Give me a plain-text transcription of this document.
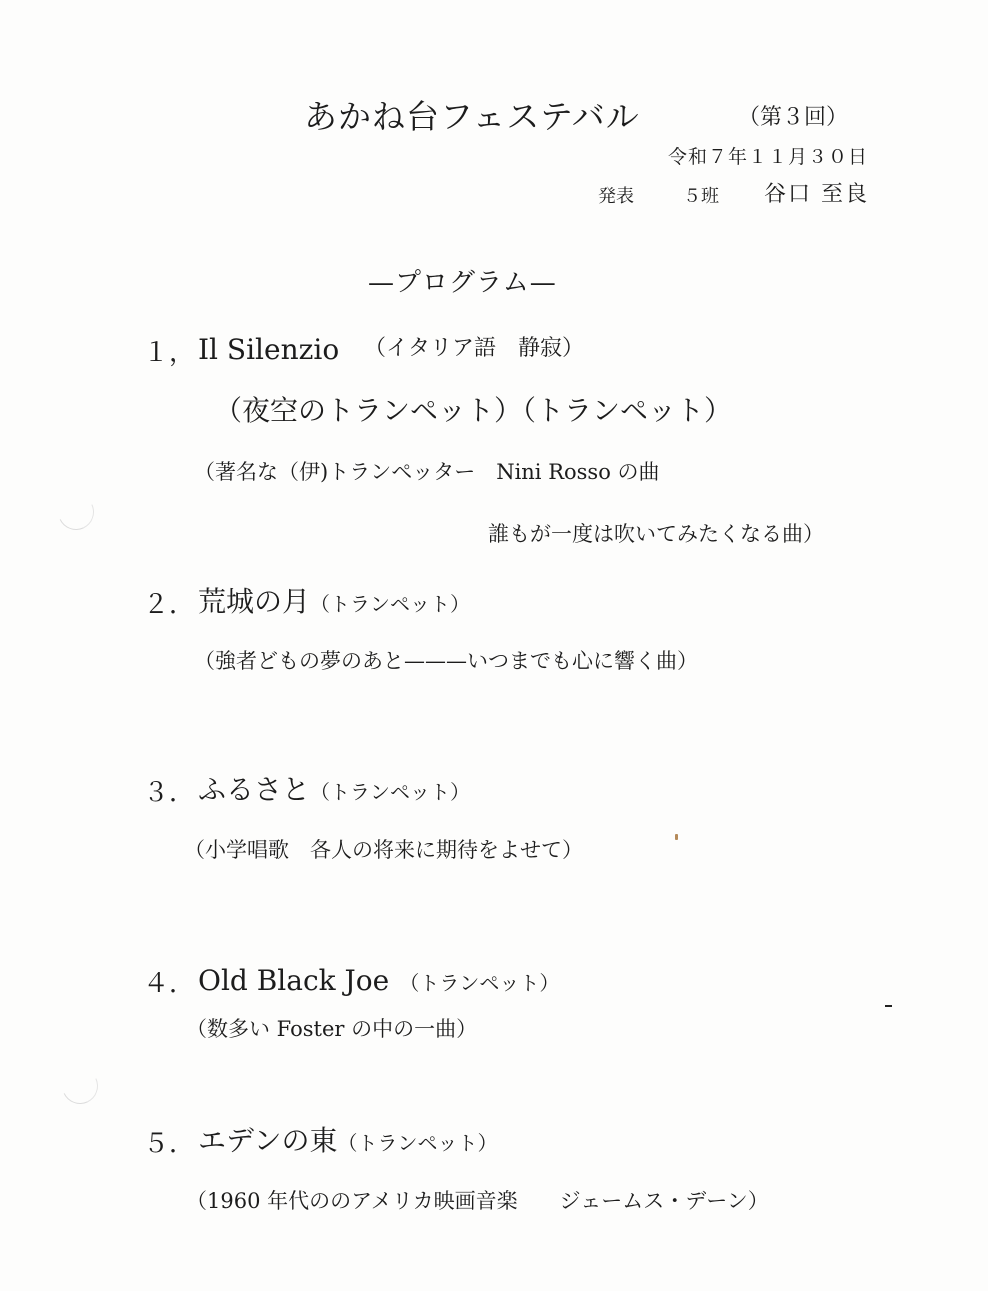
あかね台フェステバル	（第３回）
令和７年１１月３０日
発表	５班 谷口 至良
—プログラム—
１， Il Silenzio （イタリア語　静寂）
（夜空のトランペット）（トランペット）
（著名な（伊)トランペッター　Nini Rosso の曲
誰もが一度は吹いてみたくなる曲）
２． 荒城の月（トランペット）
（強者どもの夢のあと———いつまでも心に響く曲）
３． ふるさと（トランペット）
（小学唱歌　各人の将来に期待をよせて）
４． Old Black Joe （トランペット）
（数多い Foster の中の一曲）
５． エデンの東（トランペット）
（1960 年代ののアメリカ映画音楽　　ジェームス・デーン）
